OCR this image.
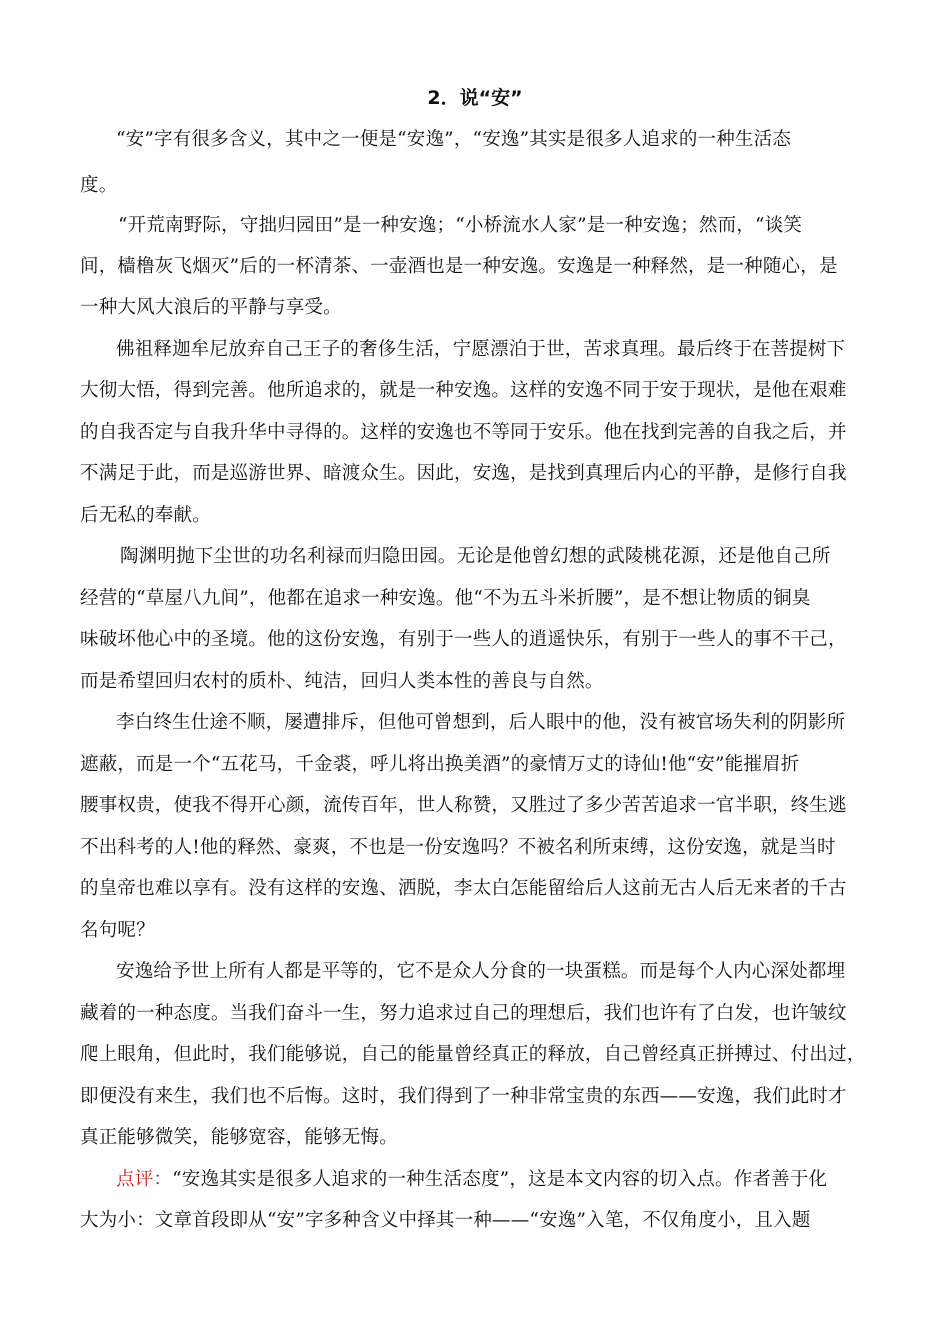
2．说“安”
“安”字有很多含义，其中之一便是“安逸”，“安逸”其实是很多人追求的一种生活态
度。
“开荒南野际，守拙归园田”是一种安逸；“小桥流水人家”是一种安逸；然而，“谈笑
间，樯橹灰飞烟灭”后的一杯清茶、一壶酒也是一种安逸。安逸是一种释然，是一种随心，是
一种大风大浪后的平静与享受。
佛祖释迦牟尼放弃自己王子的奢侈生活，宁愿漂泊于世，苦求真理。最后终于在菩提树下
大彻大悟，得到完善。他所追求的，就是一种安逸。这样的安逸不同于安于现状，是他在艰难
的自我否定与自我升华中寻得的。这样的安逸也不等同于安乐。他在找到完善的自我之后，并
不满足于此，而是巡游世界、暗渡众生。因此，安逸，是找到真理后内心的平静，是修行自我
后无私的奉献。
陶渊明抛下尘世的功名利禄而归隐田园。无论是他曾幻想的武陵桃花源，还是他自己所
经营的“草屋八九间”，他都在追求一种安逸。他“不为五斗米折腰”，是不想让物质的铜臭
味破坏他心中的圣境。他的这份安逸，有别于一些人的逍遥快乐，有别于一些人的事不干己，
而是希望回归农村的质朴、纯洁，回归人类本性的善良与自然。
李白终生仕途不顺，屡遭排斥，但他可曾想到，后人眼中的他，没有被官场失利的阴影所
遮蔽，而是一个“五花马，千金裘，呼儿将出换美酒”的豪情万丈的诗仙!他“安”能摧眉折
腰事权贵，使我不得开心颜，流传百年，世人称赞，又胜过了多少苦苦追求一官半职，终生逃
不出科考的人!他的释然、豪爽，不也是一份安逸吗？不被名利所束缚，这份安逸，就是当时
的皇帝也难以享有。没有这样的安逸、洒脱，李太白怎能留给后人这前无古人后无来者的千古
名句呢？
安逸给予世上所有人都是平等的，它不是众人分食的一块蛋糕。而是每个人内心深处都埋
藏着的一种态度。当我们奋斗一生，努力追求过自己的理想后，我们也许有了白发，也许皱纹
爬上眼角，但此时，我们能够说，自己的能量曾经真正的释放，自己曾经真正拼搏过、付出过，
即便没有来生，我们也不后悔。这时，我们得到了一种非常宝贵的东西——安逸，我们此时才
真正能够微笑，能够宽容，能够无悔。
点评：“安逸其实是很多人追求的一种生活态度”，这是本文内容的切入点。作者善于化
大为小：文章首段即从“安”字多种含义中择其一种——“安逸”入笔，不仅角度小，且入题
